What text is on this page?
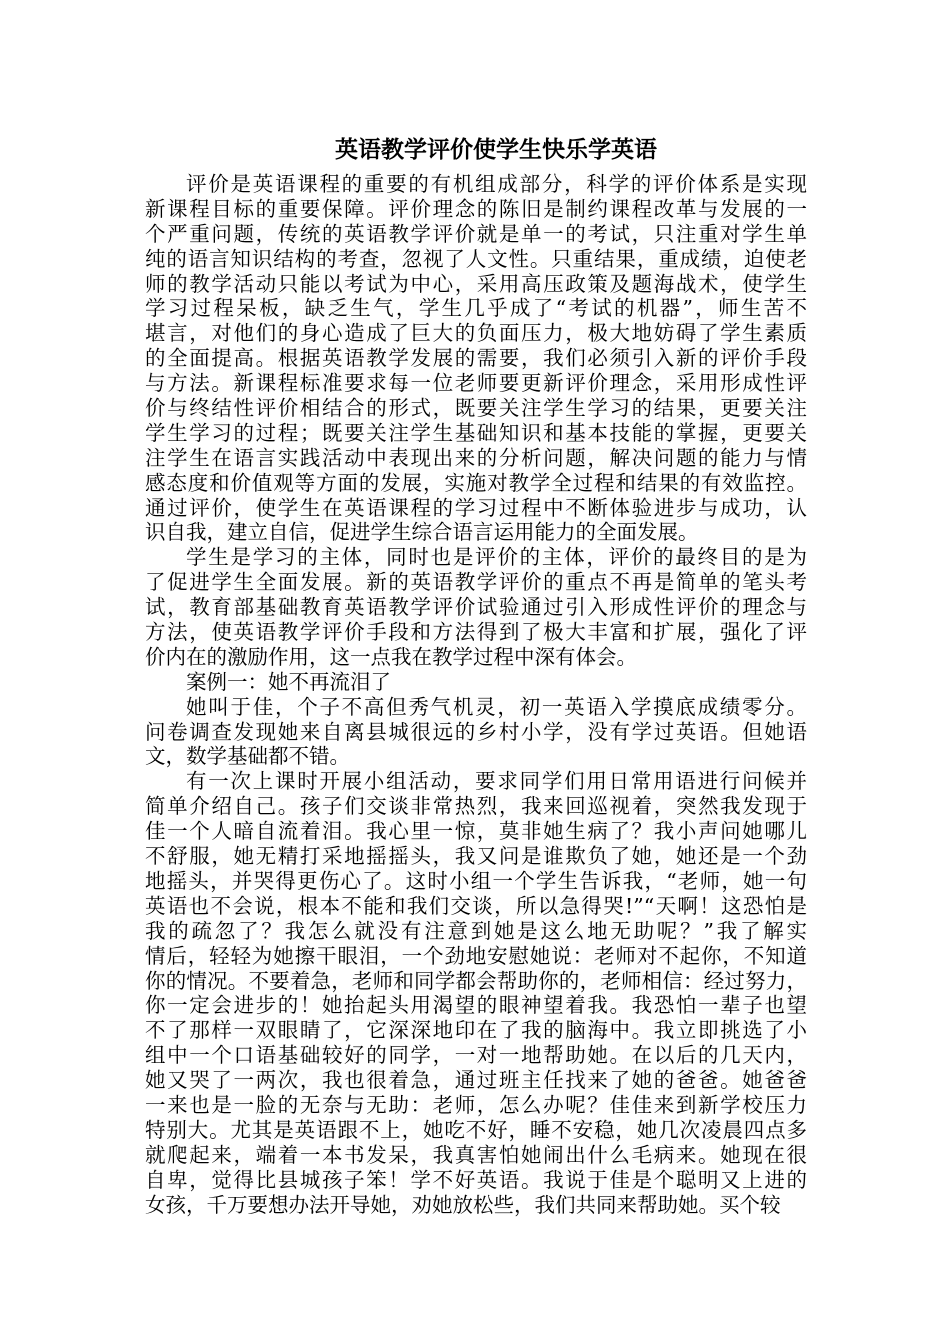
英语教学评价使学生快乐学英语
评价是英语课程的重要的有机组成部分，科学的评价体系是实现
新课程目标的重要保障。评价理念的陈旧是制约课程改革与发展的一
个严重问题，传统的英语教学评价就是单一的考试，只注重对学生单
纯的语言知识结构的考查，忽视了人文性。只重结果，重成绩，迫使老
师的教学活动只能以考试为中心，采用高压政策及题海战术，使学生
学习过程呆板，缺乏生气，学生几乎成了“考试的机器”，师生苦不
堪言，对他们的身心造成了巨大的负面压力，极大地妨碍了学生素质
的全面提高。根据英语教学发展的需要，我们必须引入新的评价手段
与方法。新课程标准要求每一位老师要更新评价理念，采用形成性评
价与终结性评价相结合的形式，既要关注学生学习的结果，更要关注
学生学习的过程；既要关注学生基础知识和基本技能的掌握，更要关
注学生在语言实践活动中表现出来的分析问题，解决问题的能力与情
感态度和价值观等方面的发展，实施对教学全过程和结果的有效监控。
通过评价，使学生在英语课程的学习过程中不断体验进步与成功，认
识自我，建立自信，促进学生综合语言运用能力的全面发展。
学生是学习的主体，同时也是评价的主体，评价的最终目的是为
了促进学生全面发展。新的英语教学评价的重点不再是简单的笔头考
试，教育部基础教育英语教学评价试验通过引入形成性评价的理念与
方法，使英语教学评价手段和方法得到了极大丰富和扩展，强化了评
价内在的激励作用，这一点我在教学过程中深有体会。
案例一：她不再流泪了
她叫于佳，个子不高但秀气机灵，初一英语入学摸底成绩零分。
问卷调查发现她来自离县城很远的乡村小学，没有学过英语。但她语
文，数学基础都不错。
有一次上课时开展小组活动，要求同学们用日常用语进行问候并
简单介绍自己。孩子们交谈非常热烈，我来回巡视着，突然我发现于
佳一个人暗自流着泪。我心里一惊，莫非她生病了？我小声问她哪儿
不舒服，她无精打采地摇摇头，我又问是谁欺负了她，她还是一个劲
地摇头，并哭得更伤心了。这时小组一个学生告诉我，“老师，她一句
英语也不会说，根本不能和我们交谈，所以急得哭!”“天啊！这恐怕是
我的疏忽了？我怎么就没有注意到她是这么地无助呢？”我了解实
情后，轻轻为她擦干眼泪，一个劲地安慰她说：老师对不起你，不知道
你的情况。不要着急，老师和同学都会帮助你的，老师相信：经过努力，
你一定会进步的！她抬起头用渴望的眼神望着我。我恐怕一辈子也望
不了那样一双眼睛了，它深深地印在了我的脑海中。我立即挑选了小
组中一个口语基础较好的同学，一对一地帮助她。在以后的几天内，
她又哭了一两次，我也很着急，通过班主任找来了她的爸爸。她爸爸
一来也是一脸的无奈与无助：老师，怎么办呢？佳佳来到新学校压力
特别大。尤其是英语跟不上，她吃不好，睡不安稳，她几次凌晨四点多
就爬起来，端着一本书发呆，我真害怕她闹出什么毛病来。她现在很
自卑，觉得比县城孩子笨！学不好英语。我说于佳是个聪明又上进的
女孩，千万要想办法开导她，劝她放松些，我们共同来帮助她。买个较
